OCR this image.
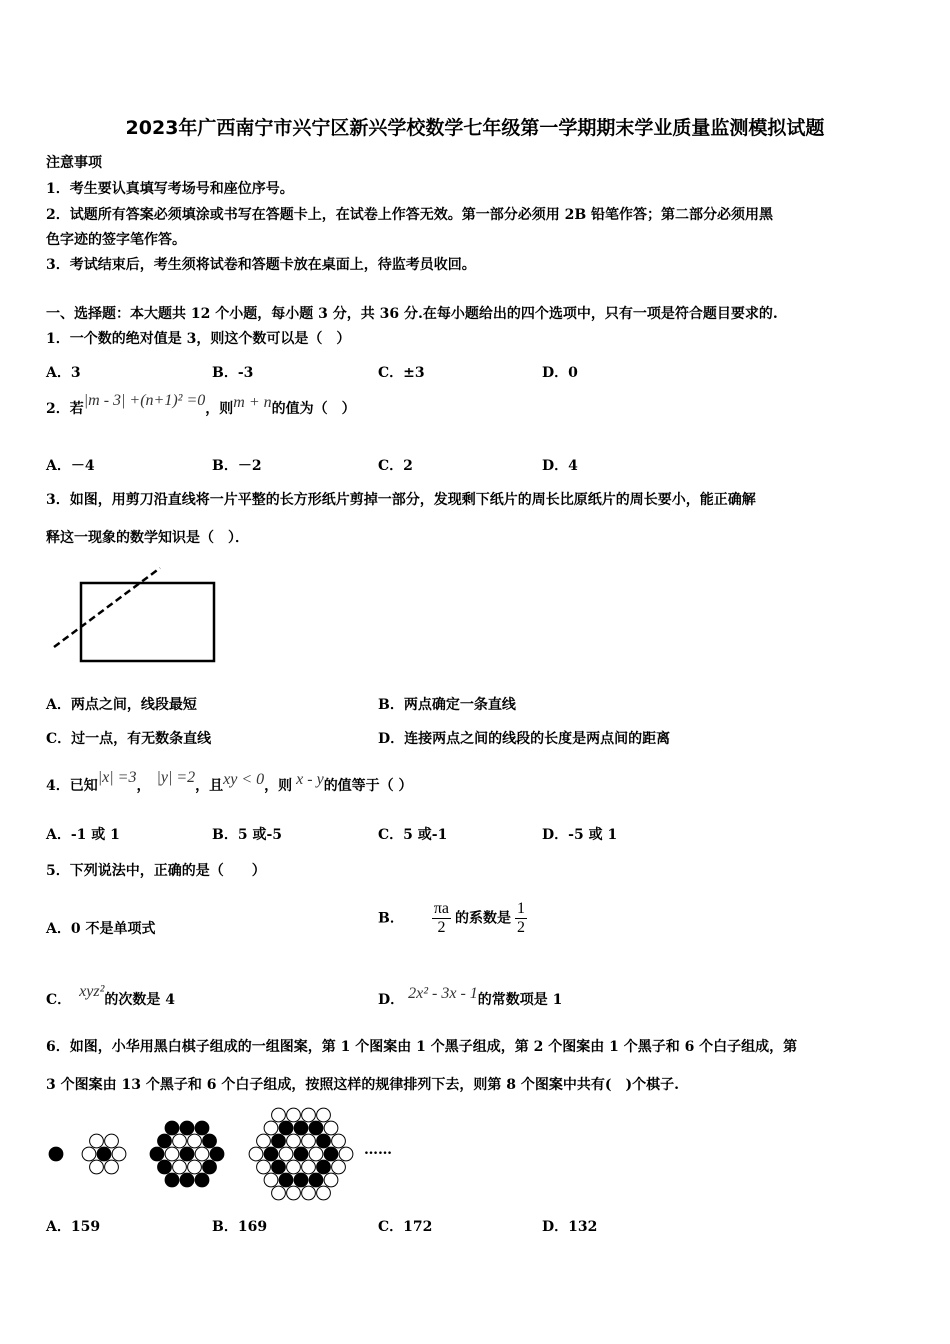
2023年广西南宁市兴宁区新兴学校数学七年级第一学期期末学业质量监测模拟试题
注意事项
1．考生要认真填写考场号和座位序号。
2．试题所有答案必须填涂或书写在答题卡上，在试卷上作答无效。第一部分必须用 2B 铅笔作答；第二部分必须用黑
色字迹的签字笔作答。
3．考试结束后，考生须将试卷和答题卡放在桌面上，待监考员收回。
一、选择题：本大题共 12 个小题，每小题 3 分，共 36 分.在每小题给出的四个选项中，只有一项是符合题目要求的.
1．一个数的绝对值是 3，则这个数可以是（　）
A．3	B．-3	C．±3	D．0
2．若|m - 3| +(n+1)² =0，则m + n的值为（　）
A．－4	B．－2	C．2	D．4
3．如图，用剪刀沿直线将一片平整的长方形纸片剪掉一部分，发现剩下纸片的周长比原纸片的周长要小，能正确解
释这一现象的数学知识是（　）．
A．两点之间，线段最短	B．两点确定一条直线
C．过一点，有无数条直线	D．连接两点之间的线段的长度是两点间的距离
4．已知|x| =3， |y| =2，且xy < 0，则 x - y的值等于（ ）
A．-1 或 1	B．5 或-5	C．5 或-1	D．-5 或 1
5．下列说法中，正确的是（　　）
A．0 不是单项式
B． $\frac{\pi a}{2}$ 的系数是 $\frac{1}{2}$
C． xyz²的次数是 4	D． 2x² - 3x - 1的常数项是 1
6．如图，小华用黑白棋子组成的一组图案，第 1 个图案由 1 个黑子组成，第 2 个图案由 1 个黑子和 6 个白子组成，第
3 个图案由 13 个黑子和 6 个白子组成，按照这样的规律排列下去，则第 8 个图案中共有(　)个棋子.
……
A．159	B．169	C．172	D．132
